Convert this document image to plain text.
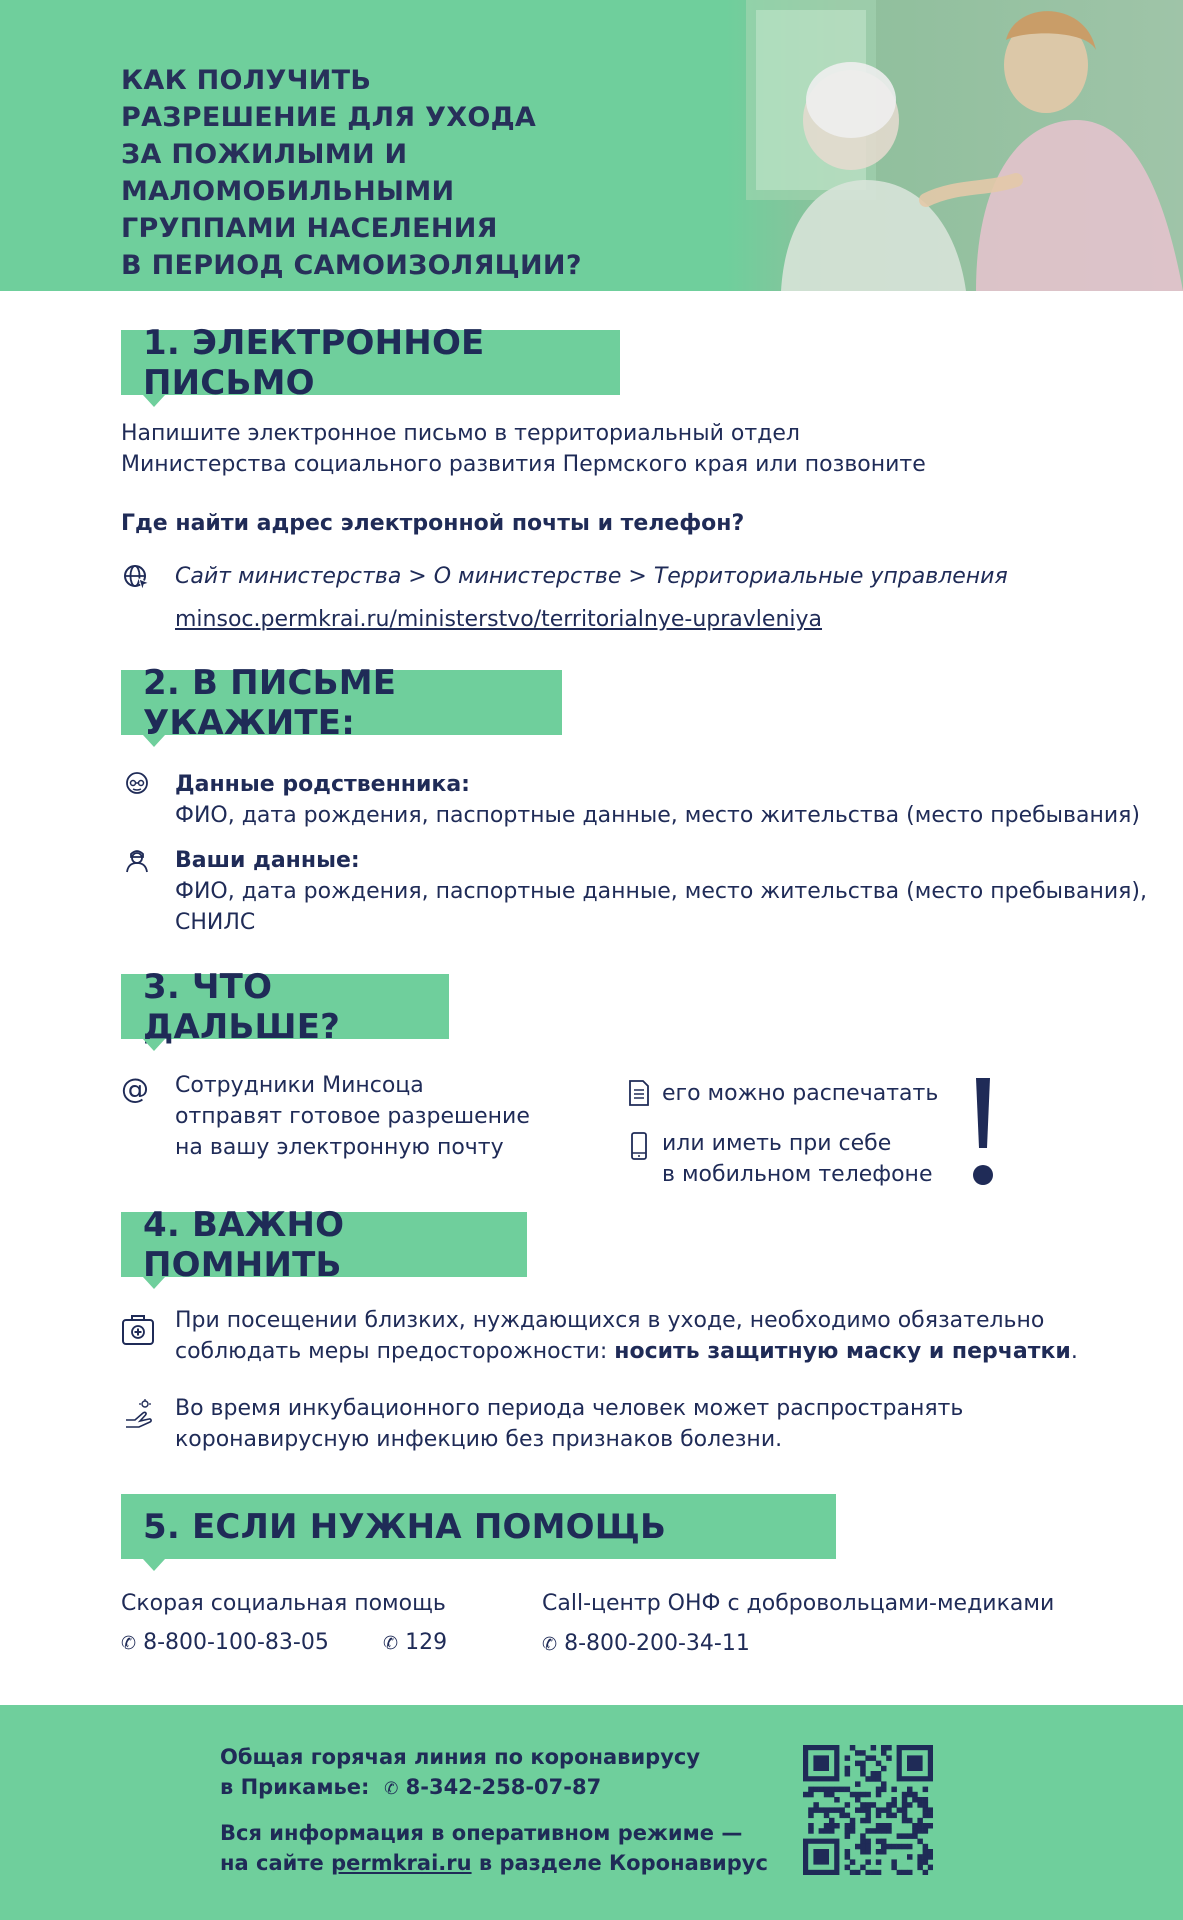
КАК ПОЛУЧИТЬ
РАЗРЕШЕНИЕ ДЛЯ УХОДА
ЗА ПОЖИЛЫМИ И МАЛОМОБИЛЬНЫМИ
ГРУППАМИ НАСЕЛЕНИЯ
В ПЕРИОД САМОИЗОЛЯЦИИ?
1. ЭЛЕКТРОННОЕ ПИСЬМО
Напишите электронное письмо в территориальный отдел
Министерства социального развития Пермского края или позвоните
Где найти адрес электронной почты и телефон?
Сайт министерства > О министерстве > Территориальные управления
minsoc.permkrai.ru/ministerstvo/territorialnye-upravleniya
2. В ПИСЬМЕ УКАЖИТЕ:
Данные родственника:
ФИО, дата рождения, паспортные данные, место жительства (место пребывания)
Ваши данные:
ФИО, дата рождения, паспортные данные, место жительства (место пребывания),
СНИЛС
3. ЧТО ДАЛЬШЕ?
@ Сотрудники Минсоца
отправят готовое разрешение
на вашу электронную почту
его можно распечатать
или иметь при себе
в мобильном телефоне
4. ВАЖНО ПОМНИТЬ
При посещении близких, нуждающихся в уходе, необходимо обязательно
соблюдать меры предосторожности: носить защитную маску и перчатки.
Во время инкубационного периода человек может распространять
коронавирусную инфекцию без признаков болезни.
5. ЕСЛИ НУЖНА ПОМОЩЬ
Скорая социальная помощь
✆ 8-800-100-83-05	✆ 129
Call-центр ОНФ с добровольцами-медиками
✆ 8-800-200-34-11
Общая горячая линия по коронавирусу
в Прикамье: ✆ 8-342-258-07-87
Вся информация в оперативном режиме —
на сайте permkrai.ru в разделе Коронавирус
